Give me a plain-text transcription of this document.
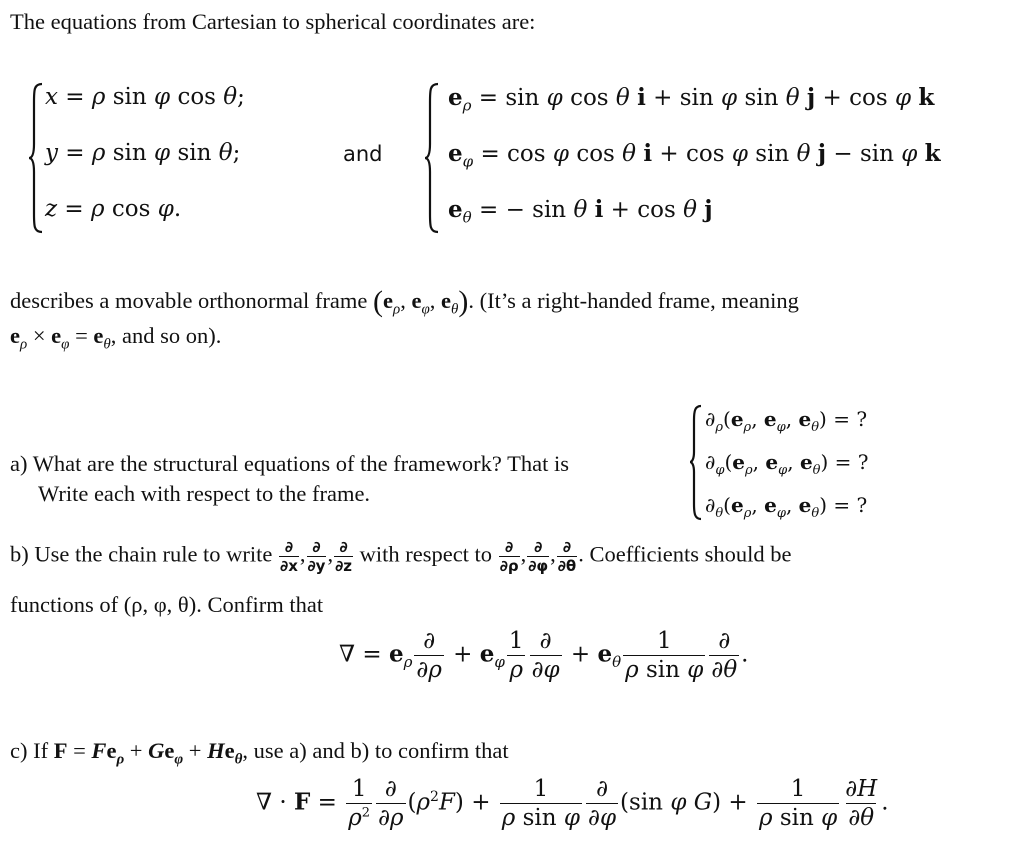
The equations from Cartesian to spherical coordinates are:
x = ρ sin φ cos θ;
y = ρ sin φ sin θ;
z = ρ cos φ.
and
$e_\rho = \sin \varphi$ cos θ i + sin φ sin θ j + cos φ k
$e_\varphi = \cos \varphi$ cos θ i + cos φ sin θ j − sin φ k
$e_\theta$ = − sin θ i + cos θ j
describes a movable orthonormal frame ($e_\rho$, $e_\varphi$, $e_\theta$). (It’s a right-handed frame, meaning
$e_\rho \times e_\varphi = e_\theta$, and so on).
a) What are the structural equations of the framework? That is
Write each with respect to the frame.
$\partial_\rho(e_\rho$, $e_\varphi$, $e_\theta$) = ?
$\partial_\varphi(e_\rho$, $e_\varphi$, $e_\theta$) = ?
$\partial_\theta(e_\rho$, $e_\varphi$, $e_\theta$) = ?
b) Use the chain rule to write ∂
∂x , ∂
∂y , ∂
∂z with respect to ∂
∂ρ , ∂
∂φ , ∂
∂θ . Coefficients should be
functions of (ρ, φ, θ). Confirm that
∇ = $e_\rho \frac{\partial}{\partial\rho} + e_\varphi \frac{1}{\rho} \frac{\partial}{\partial\varphi} + e_\theta \frac{1}{\text{ρ sin φ}} \frac{\partial}{\partial\theta}$ .
c) If $F = Fe_\rho + Ge_\varphi + He_\theta$, use a) and b) to confirm that
∇ · $F = \frac{1}{\rho^2} \frac{\partial}{\partial\rho} (\rho^2F) + \frac{1}{\text{ρ sin φ}} \frac{\partial}{\partial\varphi} (\sin$ φ $G) + \frac{1}{\text{ρ sin φ}} \frac{\partial H}{\partial\theta}$ .
